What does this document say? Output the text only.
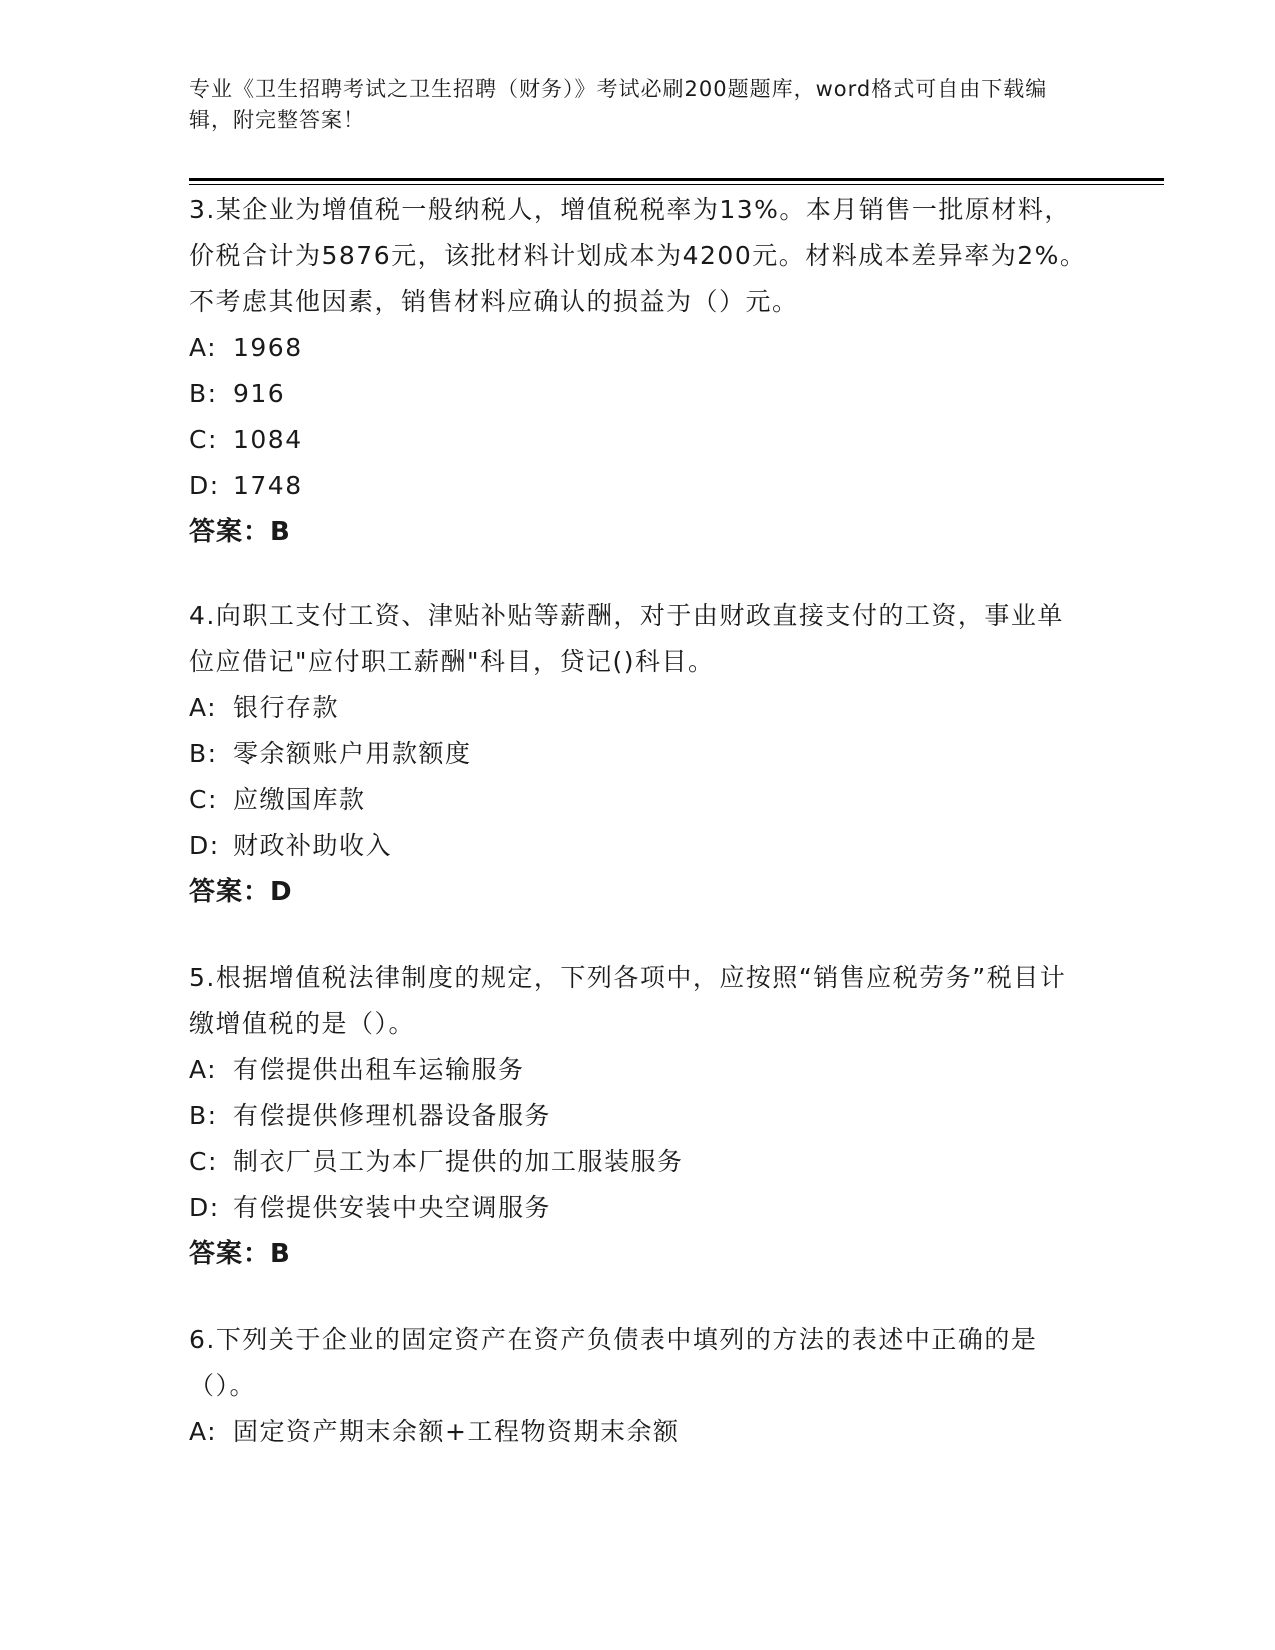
专业《卫生招聘考试之卫生招聘（财务）》考试必刷200题题库，word格式可自由下载编辑，附完整答案！

3.某企业为增值税一般纳税人，增值税税率为13%。本月销售一批原材料，价税合计为5876元，该批材料计划成本为4200元。材料成本差异率为2%。不考虑其他因素，销售材料应确认的损益为（）元。

A: 1968
B: 916
C: 1084
D: 1748
答案：B

4.向职工支付工资、津贴补贴等薪酬，对于由财政直接支付的工资，事业单位应借记"应付职工薪酬"科目，贷记()科目。

A: 银行存款
B: 零余额账户用款额度
C: 应缴国库款
D: 财政补助收入
答案：D

5.根据增值税法律制度的规定，下列各项中，应按照“销售应税劳务”税目计缴增值税的是（）。

A: 有偿提供出租车运输服务
B: 有偿提供修理机器设备服务
C: 制衣厂员工为本厂提供的加工服装服务
D: 有偿提供安装中央空调服务
答案：B

6.下列关于企业的固定资产在资产负债表中填列的方法的表述中正确的是（）。

A: 固定资产期末余额+工程物资期末余额
